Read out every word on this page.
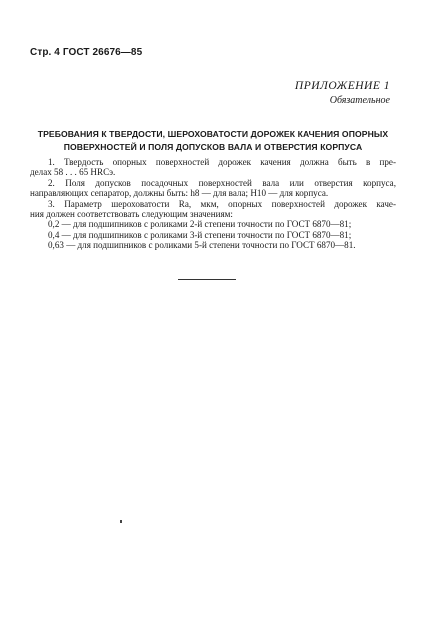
Стр. 4 ГОСТ 26676—85
ПРИЛОЖЕНИЕ 1
Обязательное
ТРЕБОВАНИЯ К ТВЕРДОСТИ, ШЕРОХОВАТОСТИ ДОРОЖЕК КАЧЕНИЯ ОПОРНЫХ
ПОВЕРХНОСТЕЙ И ПОЛЯ ДОПУСКОВ ВАЛА И ОТВЕРСТИЯ КОРПУСА

1. Твердость опорных поверхностей дорожек качения должна быть в пре-
делах 58 . . . 65 HRCэ.

2. Поля допусков посадочных поверхностей вала или отверстия корпуса,
направляющих сепаратор, должны быть: h8 — для вала; H10 — для корпуса.

3. Параметр шероховатости Ra, мкм, опорных поверхностей дорожек каче-
ния должен соответствовать следующим значениям:

0,2 — для подшипников с роликами 2-й степени точности по ГОСТ 6870—81;
0,4 — для подшипников с роликами 3-й степени точности по ГОСТ 6870—81;
0,63 — для подшипников с роликами 5-й степени точности по ГОСТ 6870—81.
